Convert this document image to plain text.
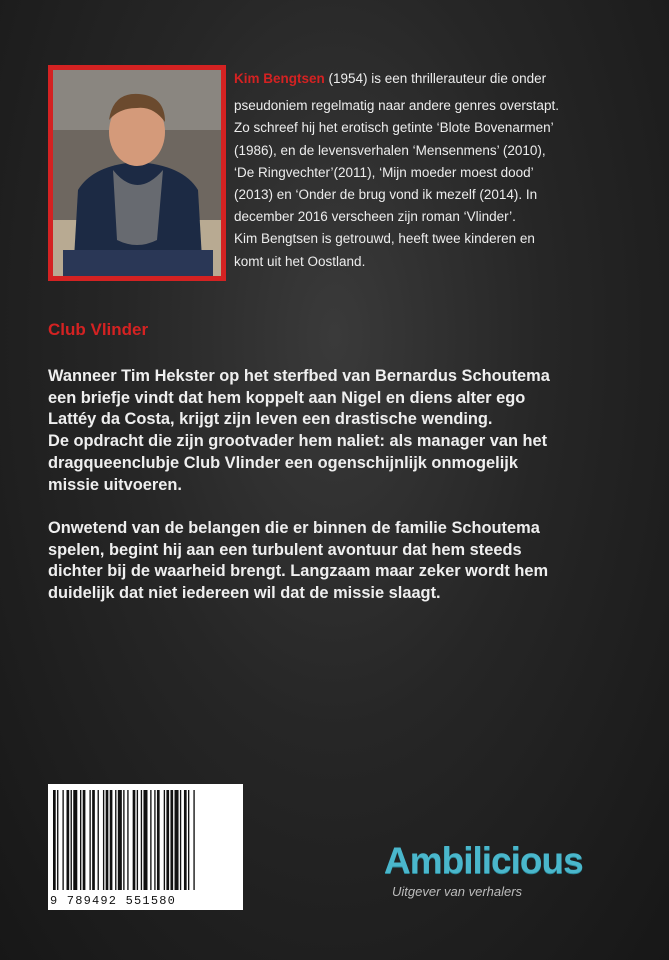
Kim Bengtsen (1954) is een thrillerauteur die onder

pseudoniem regelmatig naar andere genres overstapt.

Zo schreef hij het erotisch getinte ‘Blote Bovenarmen’

(1986), en de levensverhalen ‘Mensenmens’ (2010),

‘De Ringvechter’(2011), ‘Mijn moeder moest dood’

(2013) en ‘Onder de brug vond ik mezelf (2014). In

december 2016 verscheen zijn roman ‘Vlinder’.

Kim Bengtsen is getrouwd, heeft twee kinderen en

komt uit het Oostland.

Club Vlinder

Wanneer Tim Hekster op het sterfbed van Bernardus Schoutema
een briefje vindt dat hem koppelt aan Nigel en diens alter ego
Lattéy da Costa, krijgt zijn leven een drastische wending.
De opdracht die zijn grootvader hem naliet: als manager van het
dragqueenclubje Club Vlinder een ogenschijnlijk onmogelijk
missie uitvoeren.

Onwetend van de belangen die er binnen de familie Schoutema
spelen, begint hij aan een turbulent avontuur dat hem steeds
dichter bij de waarheid brengt. Langzaam maar zeker wordt hem
duidelijk dat niet iedereen wil dat de missie slaagt.

9 789492 551580
Ambilicious
Uitgever van verhalers
